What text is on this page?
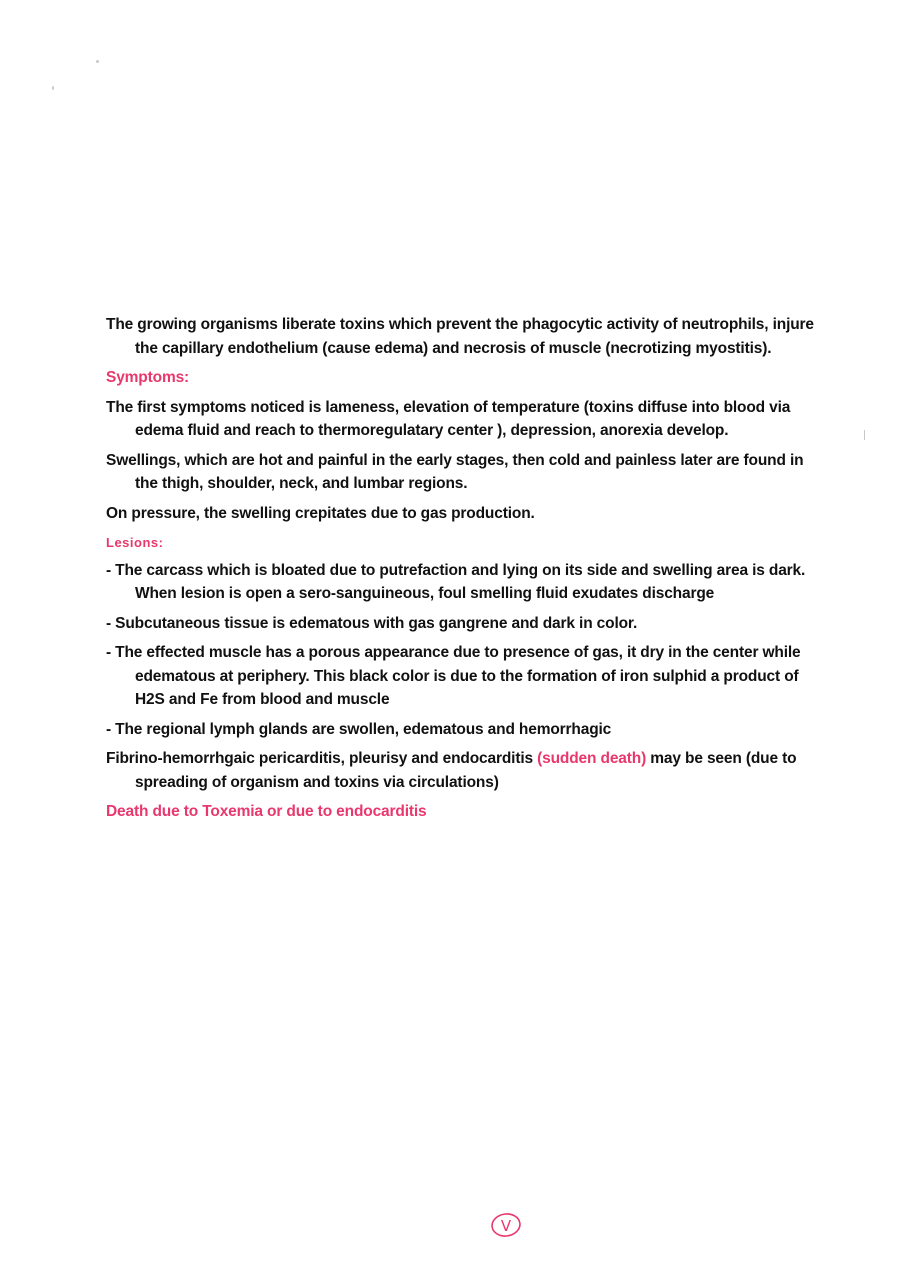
The growing organisms liberate toxins which prevent the phagocytic activity of neutrophils, injure the capillary endothelium (cause edema) and necrosis of muscle (necrotizing myostitis).

Symptoms:

The first symptoms noticed is lameness, elevation of temperature (toxins diffuse into blood via edema fluid and reach to thermoregulatary center ), depression, anorexia develop.

Swellings, which are hot and painful in the early stages, then cold and painless later are found in the thigh, shoulder, neck, and lumbar regions.

On pressure, the swelling crepitates due to gas production.

Lesions:

- The carcass which is bloated due to putrefaction and lying on its side and swelling area is dark. When lesion is open a sero-sanguineous, foul smelling fluid exudates discharge

- Subcutaneous tissue is edematous with gas gangrene and dark in color.

- The effected muscle has a porous appearance due to presence of gas, it dry in the center while edematous at periphery. This black color is due to the formation of iron sulphid a product of H2S and Fe from blood and muscle

- The regional lymph glands are swollen, edematous and hemorrhagic

Fibrino-hemorrhgaic pericarditis, pleurisy and endocarditis (sudden death) may be seen (due to spreading of organism and toxins via circulations)

Death due to Toxemia or due to endocarditis

V
